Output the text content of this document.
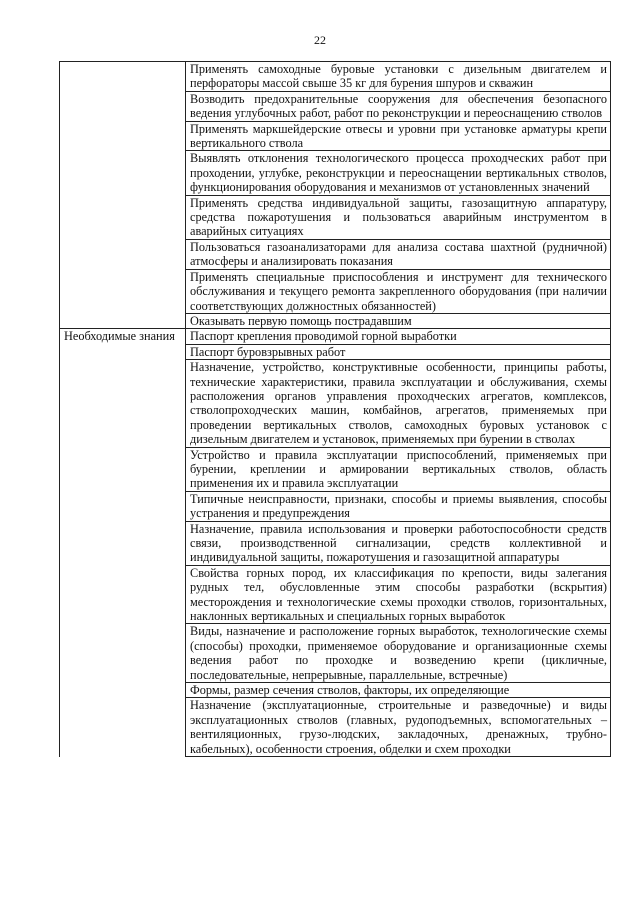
22
	Применять самоходные буровые установки с дизельным двигателем и перфораторы массой свыше 35 кг для бурения шпуров и скважин
	Возводить предохранительные сооружения для обеспечения безопасного ведения углубочных работ, работ по реконструкции и переоснащению стволов
	Применять маркшейдерские отвесы и уровни при установке арматуры крепи вертикального ствола
	Выявлять отклонения технологического процесса проходческих работ при проходении, углубке, реконструкции и переоснащении вертикальных стволов, функционирования оборудования и механизмов от установленных значений
	Применять средства индивидуальной защиты, газозащитную аппаратуру, средства пожаротушения и пользоваться аварийным инструментом в аварийных ситуациях
	Пользоваться газоанализаторами для анализа состава шахтной (рудничной) атмосферы и анализировать показания
	Применять специальные приспособления и инструмент для технического обслуживания и текущего ремонта закрепленного оборудования (при наличии соответствующих должностных обязанностей)
	Оказывать первую помощь пострадавшим
Необходимые знания	Паспорт крепления проводимой горной выработки
	Паспорт буровзрывных работ
	Назначение, устройство, конструктивные особенности, принципы работы, технические характеристики, правила эксплуатации и обслуживания, схемы расположения органов управления проходческих агрегатов, комплексов, стволопроходческих машин, комбайнов, агрегатов, применяемых при проведении вертикальных стволов, самоходных буровых установок с дизельным двигателем и установок, применяемых при бурении в стволах
	Устройство и правила эксплуатации приспособлений, применяемых при бурении, креплении и армировании вертикальных стволов, область применения их и правила эксплуатации
	Типичные неисправности, признаки, способы и приемы выявления, способы устранения и предупреждения
	Назначение, правила использования и проверки работоспособности средств связи, производственной сигнализации, средств коллективной и индивидуальной защиты, пожаротушения и газозащитной аппаратуры
	Свойства горных пород, их классификация по крепости, виды залегания рудных тел, обусловленные этим способы разработки (вскрытия) месторождения и технологические схемы проходки стволов, горизонтальных, наклонных вертикальных и специальных горных выработок
	Виды, назначение и расположение горных выработок, технологические схемы (способы) проходки, применяемое оборудование и организационные схемы ведения работ по проходке и возведению крепи (цикличные, последовательные, непрерывные, параллельные, встречные)
	Формы, размер сечения стволов, факторы, их определяющие
	Назначение (эксплуатационные, строительные и разведочные) и виды эксплуатационных стволов (главных, рудоподъемных, вспомогательных – вентиляционных, грузо-людских, закладочных, дренажных, трубно-кабельных), особенности строения, обделки и схем проходки
